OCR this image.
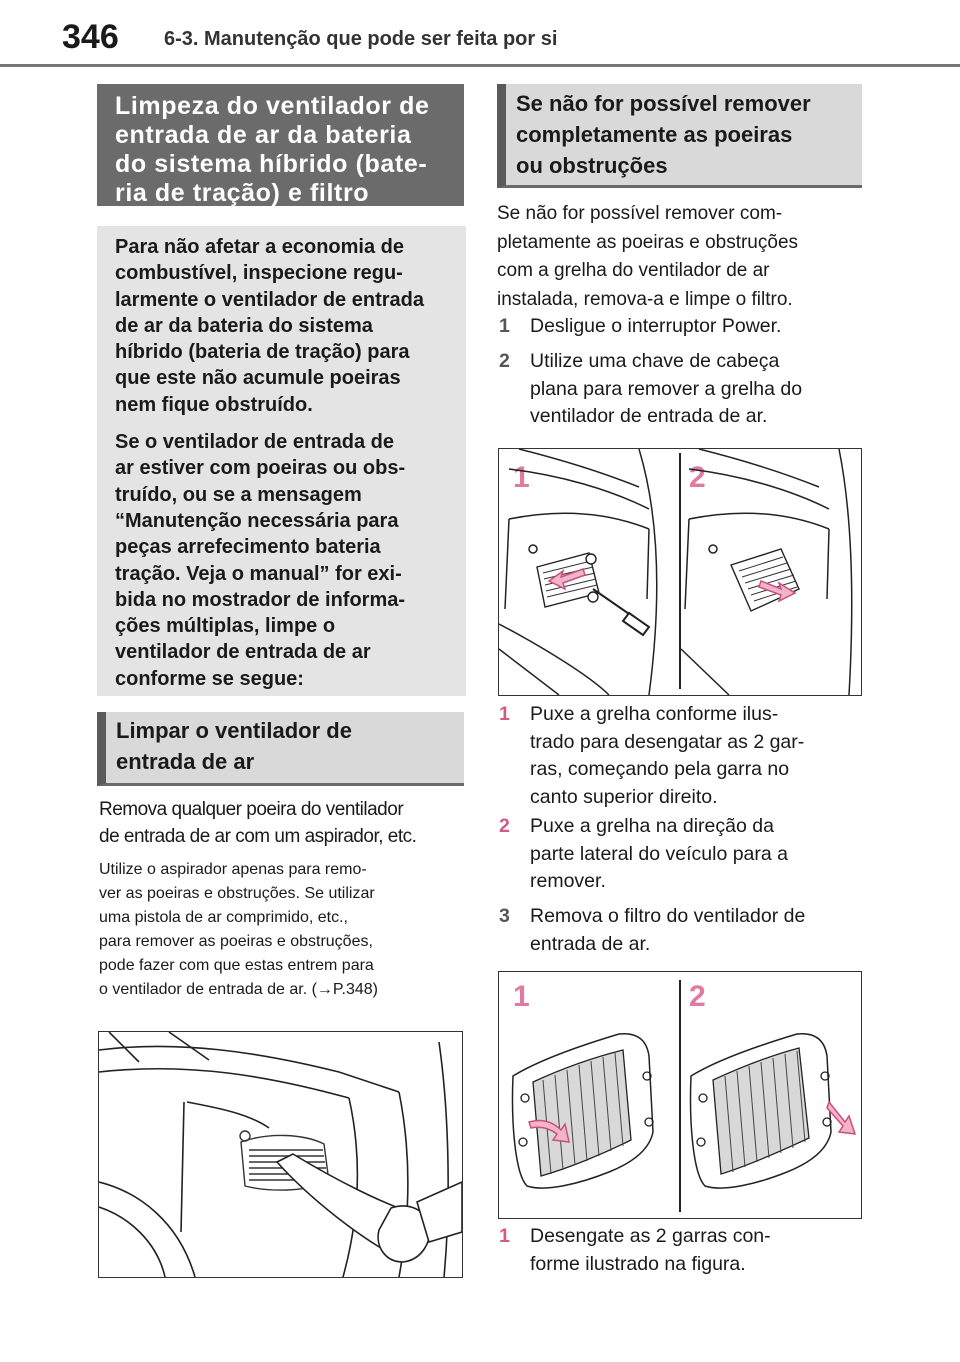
346 6-3. Manutenção que pode ser feita por si

Limpeza do ventilador de
entrada de ar da bateria
do sistema híbrido (bate-
ria de tração) e filtro

Para não afetar a economia de
combustível, inspecione regu-
larmente o ventilador de entrada
de ar da bateria do sistema
híbrido (bateria de tração) para
que este não acumule poeiras
nem fique obstruído.

Se o ventilador de entrada de
ar estiver com poeiras ou obs-
truído, ou se a mensagem
“Manutenção necessária para
peças arrefecimento bateria
tração. Veja o manual” for exi-
bida no mostrador de informa-
ções múltiplas, limpe o
ventilador de entrada de ar
conforme se segue:

Limpar o ventilador de
entrada de ar

Remova qualquer poeira do ventilador
de entrada de ar com um aspirador, etc.

Utilize o aspirador apenas para remo-
ver as poeiras e obstruções. Se utilizar
uma pistola de ar comprimido, etc.,
para remover as poeiras e obstruções,
pode fazer com que estas entrem para
o ventilador de entrada de ar. (→P.348)

Se não for possível remover
completamente as poeiras
ou obstruções

Se não for possível remover com-
pletamente as poeiras e obstruções
com a grelha do ventilador de ar
instalada, remova-a e limpe o filtro.

1	Desligue o interruptor Power.
2	Utilize uma chave de cabeça
plana para remover a grelha do
ventilador de entrada de ar.
1	2
1	Puxe a grelha conforme ilus-
trado para desengatar as 2 gar-
ras, começando pela garra no
canto superior direito.
2	Puxe a grelha na direção da
parte lateral do veículo para a
remover.
3	Remova o filtro do ventilador de
entrada de ar.
1	2
1	Desengate as 2 garras con-
forme ilustrado na figura.
